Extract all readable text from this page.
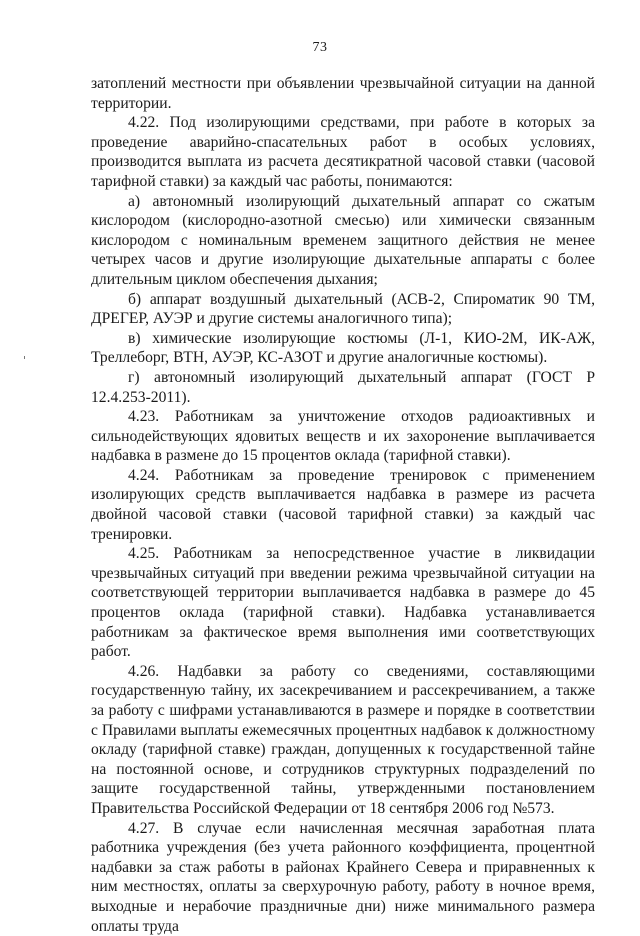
73

затоплений местности при объявлении чрезвычайной ситуации на данной территории.

4.22. Под изолирующими средствами, при работе в которых за проведение аварийно-спасательных работ в особых условиях, производится выплата из расчета десятикратной часовой ставки (часовой тарифной ставки) за каждый час работы, понимаются:

а) автономный изолирующий дыхательный аппарат со сжатым кислородом (кислородно-азотной смесью) или химически связанным кислородом с номинальным временем защитного действия не менее четырех часов и другие изолирующие дыхательные аппараты с более длительным циклом обеспечения дыхания;

б) аппарат воздушный дыхательный (АСВ-2, Спироматик 90 ТМ, ДРЕГЕР, АУЭР и другие системы аналогичного типа);

в) химические изолирующие костюмы (Л-1, КИО-2М, ИК-АЖ, Треллеборг, ВТН, АУЭР, КС-АЗОТ и другие аналогичные костюмы).

г) автономный изолирующий дыхательный аппарат (ГОСТ Р 12.4.253-2011).

4.23. Работникам за уничтожение отходов радиоактивных и сильнодействующих ядовитых веществ и их захоронение выплачивается надбавка в размене до 15 процентов оклада (тарифной ставки).

4.24. Работникам за проведение тренировок с применением изолирующих средств выплачивается надбавка в размере из расчета двойной часовой ставки (часовой тарифной ставки) за каждый час тренировки.

4.25. Работникам за непосредственное участие в ликвидации чрезвычайных ситуаций при введении режима чрезвычайной ситуации на соответствующей территории выплачивается надбавка в размере до 45 процентов оклада (тарифной ставки). Надбавка устанавливается работникам за фактическое время выполнения ими соответствующих работ.

4.26. Надбавки за работу со сведениями, составляющими государственную тайну, их засекречиванием и рассекречиванием, а также за работу с шифрами устанавливаются в размере и порядке в соответствии с Правилами выплаты ежемесячных процентных надбавок к должностному окладу (тарифной ставке) граждан, допущенных к государственной тайне на постоянной основе, и сотрудников структурных подразделений по защите государственной тайны, утвержденными постановлением Правительства Российской Федерации от 18 сентября 2006 год №573.

4.27. В случае если начисленная месячная заработная плата работника учреждения (без учета районного коэффициента, процентной надбавки за стаж работы в районах Крайнего Севера и приравненных к ним местностях, оплаты за сверхурочную работу, работу в ночное время, выходные и нерабочие праздничные дни) ниже минимального размера оплаты труда
